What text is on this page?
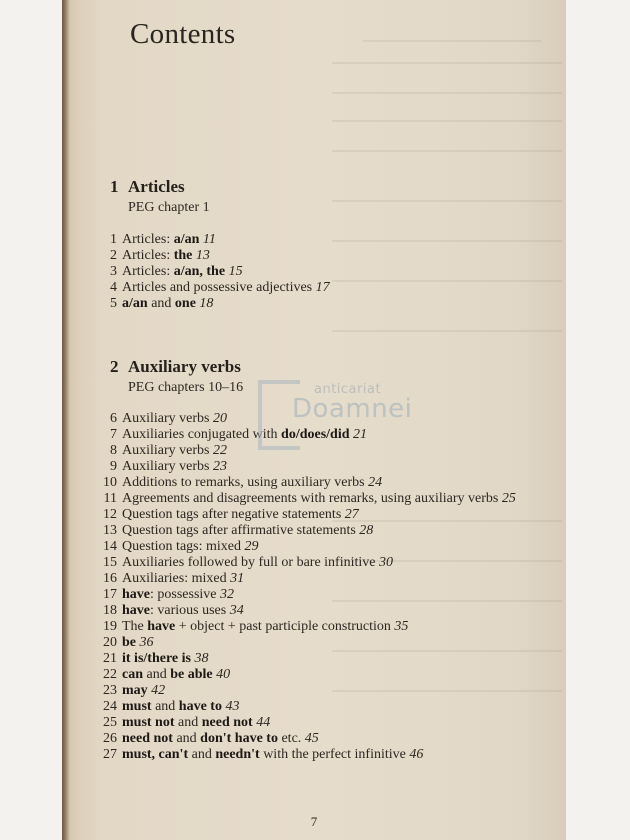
Contents
1 Articles
PEG chapter 1
1 Articles: a/an 11
2 Articles: the 13
3 Articles: a/an, the 15
4 Articles and possessive adjectives 17
5 a/an and one 18
2 Auxiliary verbs
PEG chapters 10–16
6 Auxiliary verbs 20
7 Auxiliaries conjugated with do/does/did 21
8 Auxiliary verbs 22
9 Auxiliary verbs 23
10 Additions to remarks, using auxiliary verbs 24
11 Agreements and disagreements with remarks, using auxiliary verbs 25
12 Question tags after negative statements 27
13 Question tags after affirmative statements 28
14 Question tags: mixed 29
15 Auxiliaries followed by full or bare infinitive 30
16 Auxiliaries: mixed 31
17 have: possessive 32
18 have: various uses 34
19 The have + object + past participle construction 35
20 be 36
21 it is/there is 38
22 can and be able 40
23 may 42
24 must and have to 43
25 must not and need not 44
26 need not and don't have to etc. 45
27 must, can't and needn't with the perfect infinitive 46
anticariat
Doamnei
7
